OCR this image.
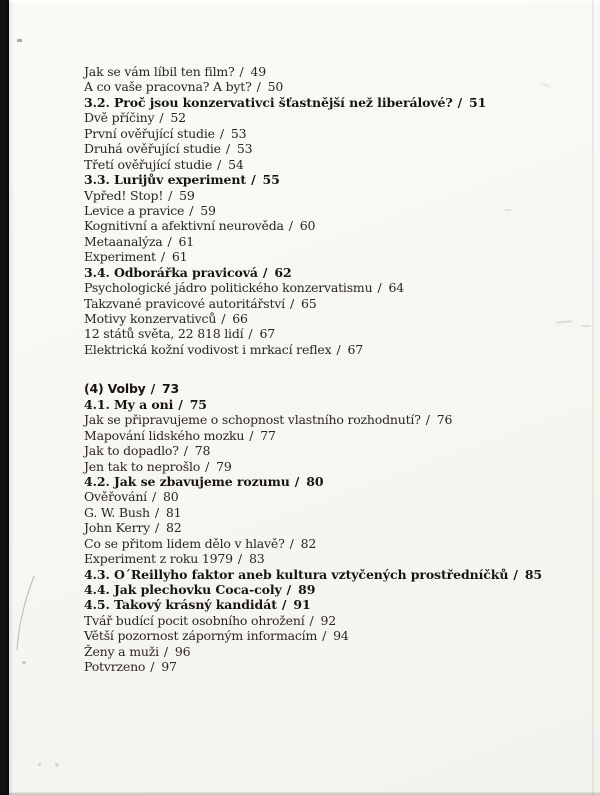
Jak se vám líbil ten film? / 49
A co vaše pracovna? A byt? / 50
3.2. Proč jsou konzervativci šťastnější než liberálové? / 51
Dvě příčiny / 52
První ověřující studie / 53
Druhá ověřující studie / 53
Třetí ověřující studie / 54
3.3. Lurijův experiment / 55
Vpřed! Stop! / 59
Levice a pravice / 59
Kognitivní a afektivní neurověda / 60
Metaanalýza / 61
Experiment / 61
3.4. Odborářka pravicová / 62
Psychologické jádro politického konzervatismu / 64
Takzvané pravicové autoritářství / 65
Motivy konzervativců / 66
12 států světa, 22 818 lidí / 67
Elektrická kožní vodivost i mrkací reflex / 67
(4) Volby / 73
4.1. My a oni / 75
Jak se připravujeme o schopnost vlastního rozhodnutí? / 76
Mapování lidského mozku / 77
Jak to dopadlo? / 78
Jen tak to neprošlo / 79
4.2. Jak se zbavujeme rozumu / 80
Ověřování / 80
G. W. Bush / 81
John Kerry / 82
Co se přitom lidem dělo v hlavě? / 82
Experiment z roku 1979 / 83
4.3. O´Reillyho faktor aneb kultura vztyčených prostředníčků / 85
4.4. Jak plechovku Coca-coly / 89
4.5. Takový krásný kandidát / 91
Tvář budící pocit osobního ohrožení / 92
Větší pozornost záporným informacím / 94
Ženy a muži / 96
Potvrzeno / 97
